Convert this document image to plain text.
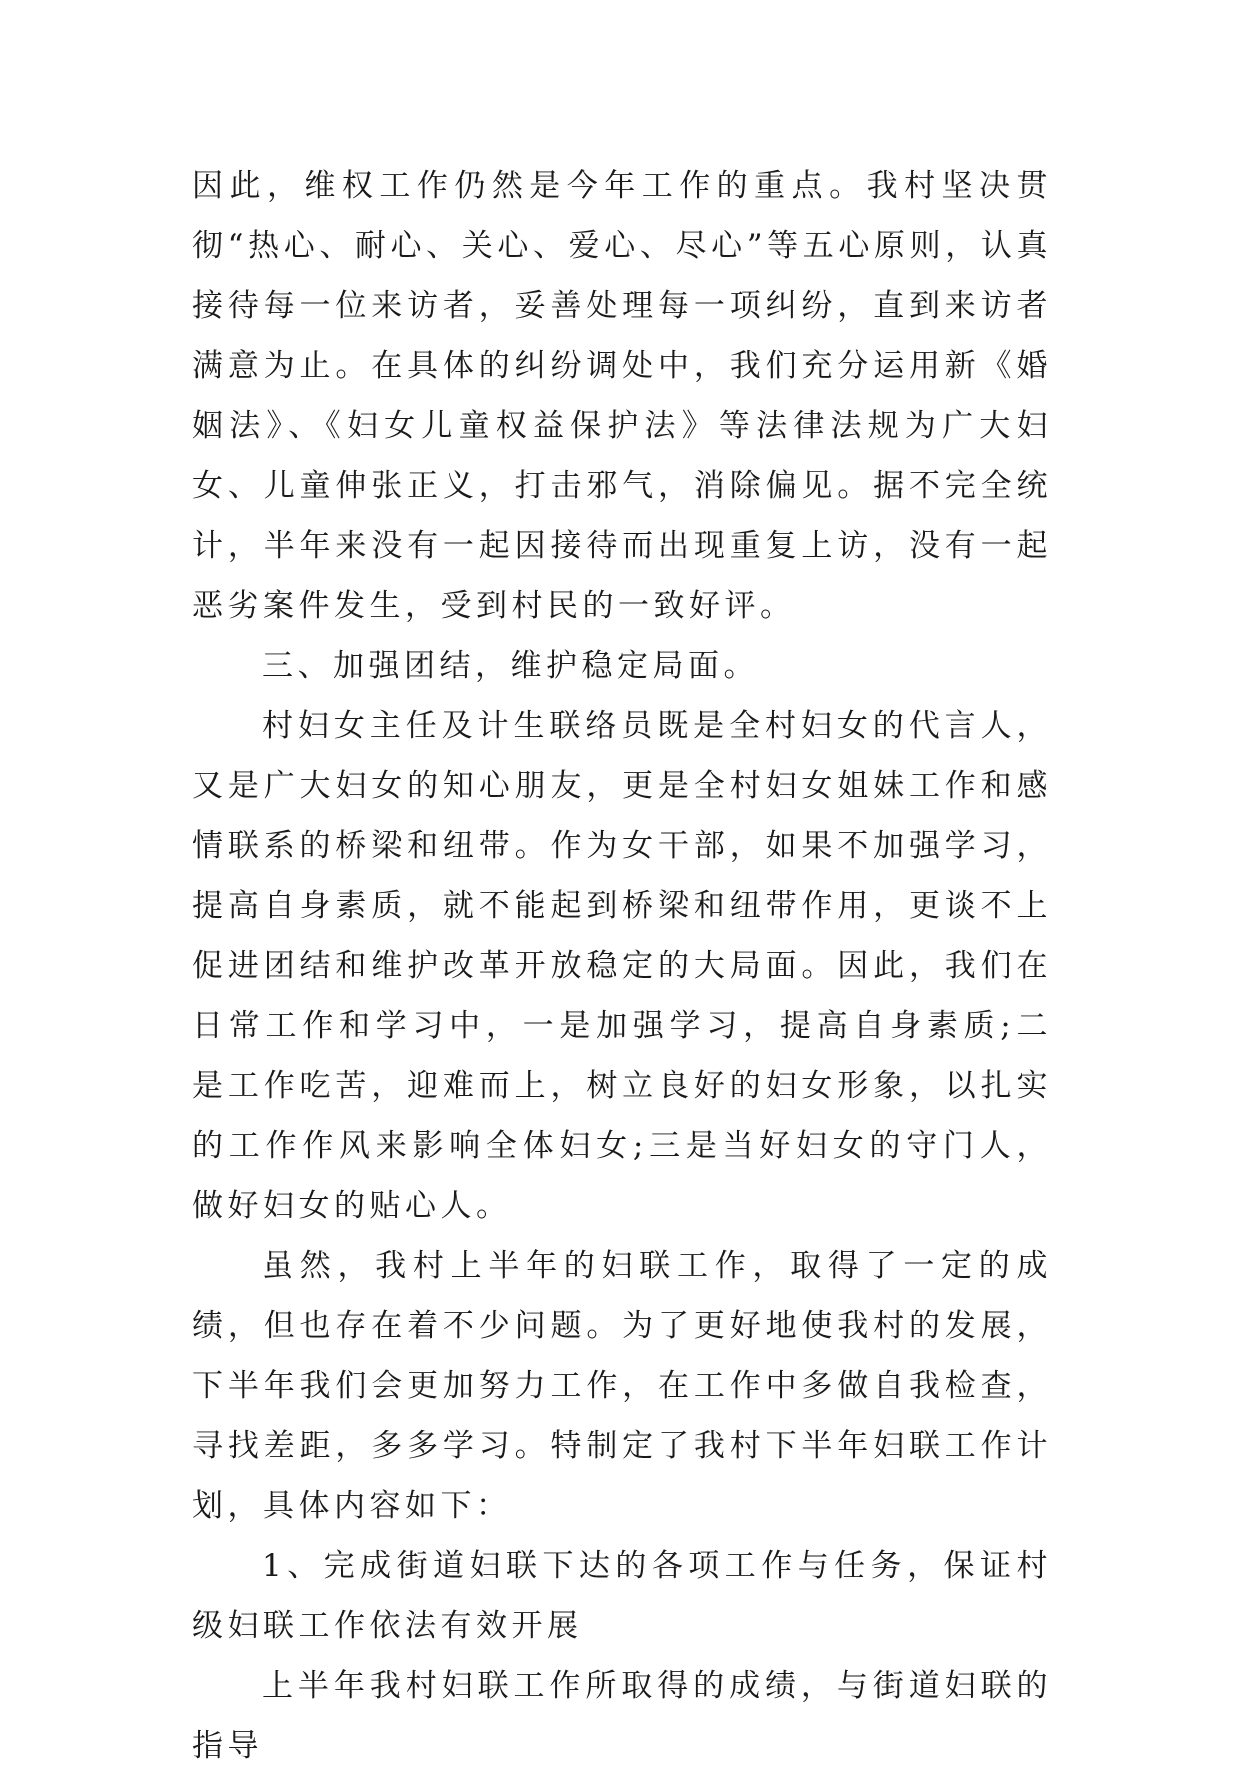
因此，维权工作仍然是今年工作的重点。我村坚决贯彻“热心、耐心、关心、爱心、尽心”等五心原则，认真接待每一位来访者，妥善处理每一项纠纷，直到来访者满意为止。在具体的纠纷调处中，我们充分运用新《婚姻法》、《妇女儿童权益保护法》等法律法规为广大妇女、儿童伸张正义，打击邪气，消除偏见。据不完全统计，半年来没有一起因接待而出现重复上访，没有一起恶劣案件发生，受到村民的一致好评。

三、加强团结，维护稳定局面。

村妇女主任及计生联络员既是全村妇女的代言人，又是广大妇女的知心朋友，更是全村妇女姐妹工作和感情联系的桥梁和纽带。作为女干部，如果不加强学习，提高自身素质，就不能起到桥梁和纽带作用，更谈不上促进团结和维护改革开放稳定的大局面。因此，我们在日常工作和学习中，一是加强学习，提高自身素质;二是工作吃苦，迎难而上，树立良好的妇女形象，以扎实的工作作风来影响全体妇女;三是当好妇女的守门人，做好妇女的贴心人。

虽然，我村上半年的妇联工作，取得了一定的成绩，但也存在着不少问题。为了更好地使我村的发展，下半年我们会更加努力工作，在工作中多做自我检查，寻找差距，多多学习。特制定了我村下半年妇联工作计划，具体内容如下：

1、完成街道妇联下达的各项工作与任务，保证村级妇联工作依法有效开展

上半年我村妇联工作所取得的成绩，与街道妇联的指导
